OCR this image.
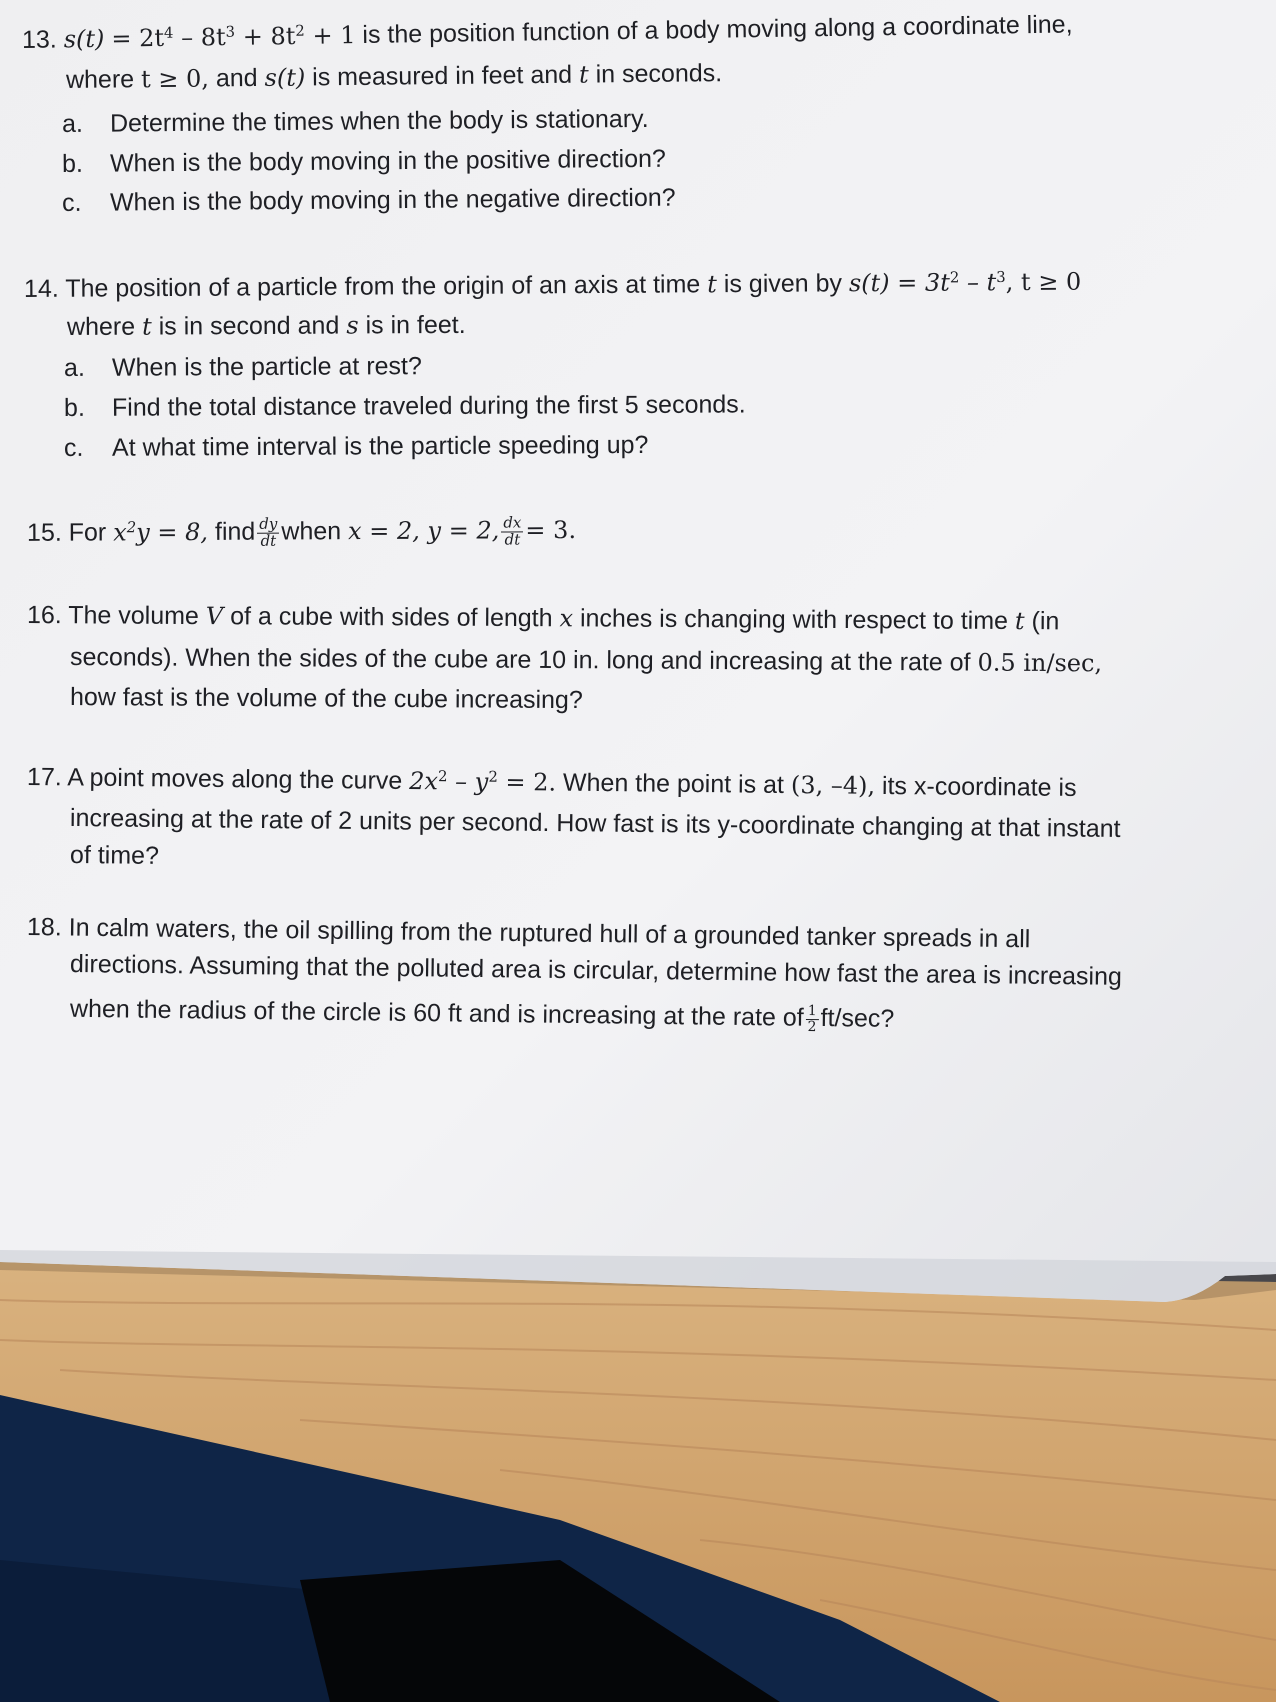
13. $s(t) = 2t^4 - 8t^3 + 8t^2 + 1$ is the position function of a body moving along a coordinate line,
where t ≥ 0, and s(t) is measured in feet and t in seconds.
a. Determine the times when the body is stationary.
b. When is the body moving in the positive direction?
c. When is the body moving in the negative direction?
14. The position of a particle from the origin of an axis at time t is given by $s(t) = 3t^2 - t^3$, t ≥ 0
where t is in second and s is in feet.
a. When is the particle at rest?
b. Find the total distance traveled during the first 5 seconds.
c. At what time interval is the particle speeding up?
15. For $x^2y = 8$, find $\frac{dy}{dt}$ when x = 2, y = 2, $\frac{dx}{dt} = 3$.
16. The volume V of a cube with sides of length x inches is changing with respect to time t (in
seconds). When the sides of the cube are 10 in. long and increasing at the rate of 0.5 in/sec,
how fast is the volume of the cube increasing?
17. A point moves along the curve $2x^2 - y^2 = 2$. When the point is at (3, –4), its x-coordinate is
increasing at the rate of 2 units per second. How fast is its y-coordinate changing at that instant
of time?
18. In calm waters, the oil spilling from the ruptured hull of a grounded tanker spreads in all
directions. Assuming that the polluted area is circular, determine how fast the area is increasing
when the radius of the circle is 60 ft and is increasing at the rate of $\frac{1}{2} ft/\sec$?
